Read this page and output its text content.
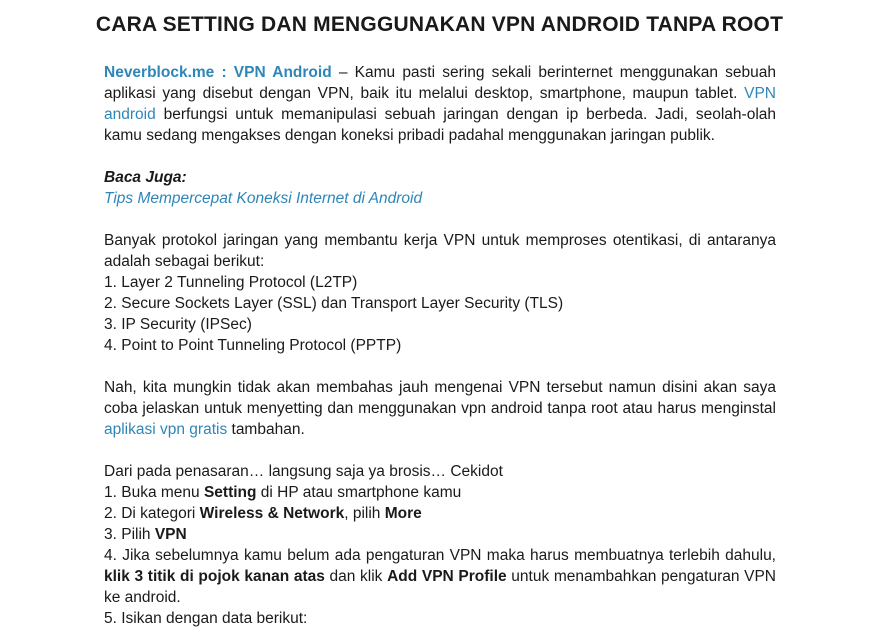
CARA SETTING DAN MENGGUNAKAN VPN ANDROID TANPA ROOT

Neverblock.me : VPN Android – Kamu pasti sering sekali berinternet menggunakan sebuah aplikasi yang disebut dengan VPN, baik itu melalui desktop, smartphone, maupun tablet. VPN android berfungsi untuk memanipulasi sebuah jaringan dengan ip berbeda. Jadi, seolah-olah kamu sedang mengakses dengan koneksi pribadi padahal menggunakan jaringan publik.

Baca Juga:

Tips Mempercepat Koneksi Internet di Android

Banyak protokol jaringan yang membantu kerja VPN untuk memproses otentikasi, di antaranya adalah sebagai berikut:

1. Layer 2 Tunneling Protocol (L2TP)

2. Secure Sockets Layer (SSL) dan Transport Layer Security (TLS)

3. IP Security (IPSec)

4. Point to Point Tunneling Protocol (PPTP)

Nah, kita mungkin tidak akan membahas jauh mengenai VPN tersebut namun disini akan saya coba jelaskan untuk menyetting dan menggunakan vpn android tanpa root atau harus menginstal aplikasi vpn gratis tambahan.

Dari pada penasaran… langsung saja ya brosis… Cekidot

1. Buka menu Setting di HP atau smartphone kamu

2. Di kategori Wireless & Network, pilih More

3. Pilih VPN

4. Jika sebelumnya kamu belum ada pengaturan VPN maka harus membuatnya terlebih dahulu, klik 3 titik di pojok kanan atas dan klik Add VPN Profile untuk menambahkan pengaturan VPN ke android.

5. Isikan dengan data berikut:
